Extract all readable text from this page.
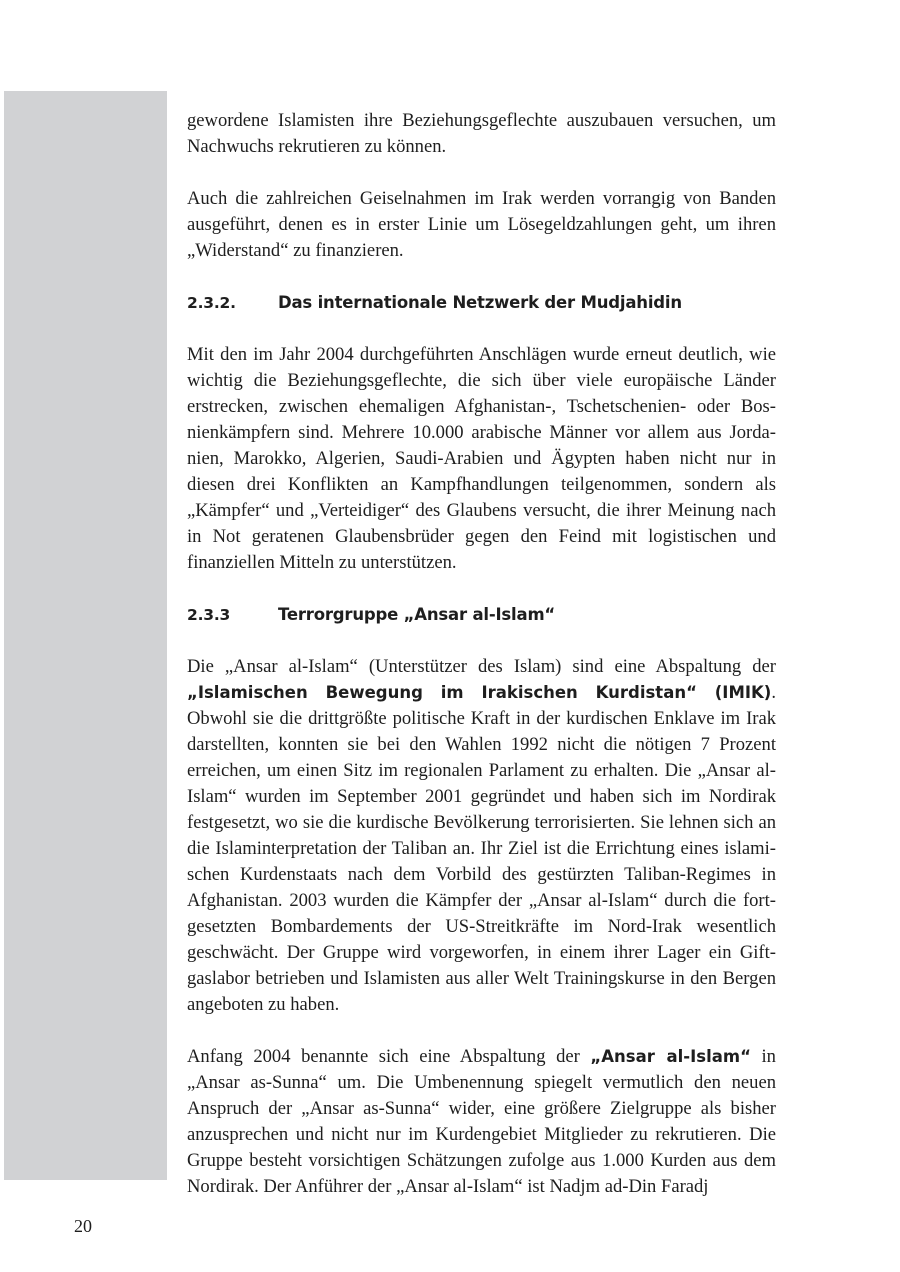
gewordene Islamisten ihre Beziehungsgeflechte auszubauen versuchen, um Nachwuchs rekrutieren zu können.

Auch die zahlreichen Geiselnahmen im Irak werden vorrangig von Banden ausgeführt, denen es in erster Linie um Lösegeldzahlungen geht, um ihren „Widerstand“ zu finanzieren.

2.3.2.	Das internationale Netzwerk der Mudjahidin

Mit den im Jahr 2004 durchgeführten Anschlägen wurde erneut deutlich, wie wichtig die Beziehungsgeflechte, die sich über viele europäische Länder erstrecken, zwischen ehemaligen Afghanistan-, Tschetschenien- oder Bosnienkämpfern sind. Mehrere 10.000 arabische Männer vor allem aus Jordanien, Marokko, Algerien, Saudi-Arabien und Ägypten haben nicht nur in diesen drei Konflikten an Kampfhandlungen teilgenommen, sondern als „Kämpfer“ und „Verteidiger“ des Glaubens versucht, die ihrer Meinung nach in Not geratenen Glaubensbrüder gegen den Feind mit logistischen und finanziellen Mitteln zu unterstützen.

2.3.3	Terrorgruppe „Ansar al-Islam“

Die „Ansar al-Islam“ (Unterstützer des Islam) sind eine Abspaltung der „Islamischen Bewegung im Irakischen Kurdistan“ (IMIK). Obwohl sie die drittgrößte politische Kraft in der kurdischen Enklave im Irak darstellten, konnten sie bei den Wahlen 1992 nicht die nötigen 7 Prozent erreichen, um einen Sitz im regionalen Parlament zu erhalten. Die „Ansar al-Islam“ wurden im September 2001 gegründet und haben sich im Nordirak festgesetzt, wo sie die kurdische Bevölkerung terrorisierten. Sie lehnen sich an die Islaminterpretation der Taliban an. Ihr Ziel ist die Errichtung eines islamischen Kurdenstaats nach dem Vorbild des gestürzten Taliban-Regimes in Afghanistan. 2003 wurden die Kämpfer der „Ansar al-Islam“ durch die fortgesetzten Bombardements der US-Streitkräfte im Nord-Irak wesentlich geschwächt. Der Gruppe wird vorgeworfen, in einem ihrer Lager ein Giftgaslabor betrieben und Islamisten aus aller Welt Trainingskurse in den Bergen angeboten zu haben.

Anfang 2004 benannte sich eine Abspaltung der „Ansar al-Islam“ in „Ansar as-Sunna“ um. Die Umbenennung spiegelt vermutlich den neuen Anspruch der „Ansar as-Sunna“ wider, eine größere Zielgruppe als bisher anzusprechen und nicht nur im Kurdengebiet Mitglieder zu rekrutieren. Die Gruppe besteht vorsichtigen Schätzungen zufolge aus 1.000 Kurden aus dem Nordirak. Der Anführer der „Ansar al-Islam“ ist Nadjm ad-Din Faradj

20
